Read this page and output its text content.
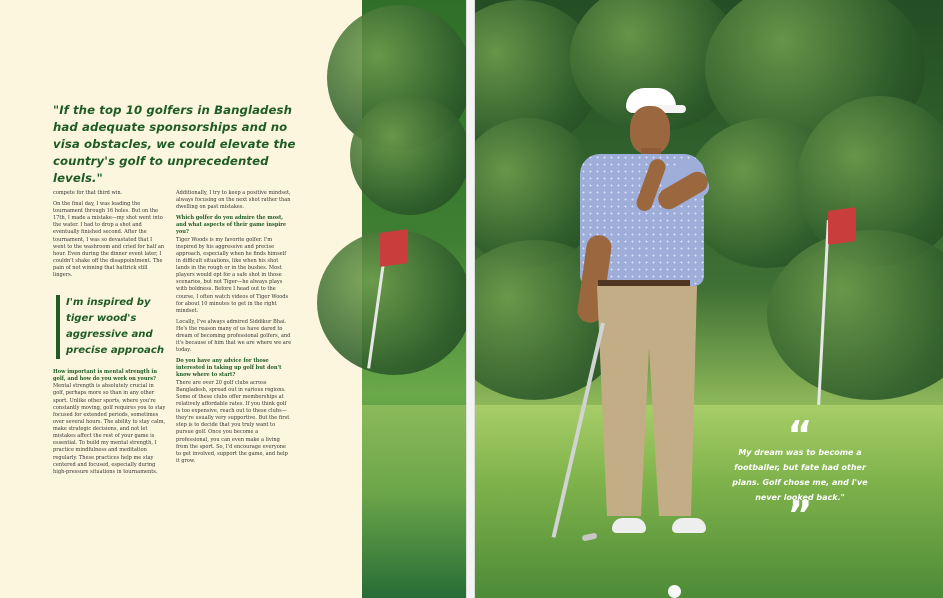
"If the top 10 golfers in Bangladesh had adequate sponsorships and no visa obstacles, we could elevate the country's golf to unprecedented levels."
compete for that third win.
On the final day, I was leading the tournament through 16 holes. But on the 17th, I made a mistake—my shot went into the water. I had to drop a shot and eventually finished second. After the tournament, I was so devastated that I went to the washroom and cried for half an hour. Even during the dinner event later, I couldn't shake off the disappointment. The pain of not winning that hattrick still lingers.
How important is mental strength in golf, and how do you work on yours?
Mental strength is absolutely crucial in golf, perhaps more so than in any other sport. Unlike other sports, where you're constantly moving, golf requires you to stay focused for extended periods, sometimes over several hours. The ability to stay calm, make strategic decisions, and not let mistakes affect the rest of your game is essential. To build my mental strength, I practice mindfulness and meditation regularly. These practices help me stay centered and focused, especially during high-pressure situations in tournaments.
I'm inspired by tiger wood's aggressive and precise approach
Additionally, I try to keep a positive mindset, always focusing on the next shot rather than dwelling on past mistakes.
Which golfer do you admire the most, and what aspects of their game inspire you?
Tiger Woods is my favorite golfer. I'm inspired by his aggressive and precise approach, especially when he finds himself in difficult situations, like when his shot lands in the rough or in the bushes. Most players would opt for a safe shot in those scenarios, but not Tiger—he always plays with boldness. Before I head out to the course, I often watch videos of Tiger Woods for about 10 minutes to get in the right mindset.
Locally, I've always admired Siddikur Bhai. He's the reason many of us have dared to dream of becoming professional golfers, and it's because of him that we are where we are today.
Do you have any advice for those interested in taking up golf but don't know where to start?
There are over 20 golf clubs across Bangladesh, spread out in various regions. Some of these clubs offer memberships at relatively affordable rates. If you think golf is too expensive, reach out to these clubs—they're usually very supportive. But the first step is to decide that you truly want to pursue golf. Once you become a professional, you can even make a living from the sport. So, I'd encourage everyone to get involved, support the game, and help it grow.
“
My dream was to become a footballer, but fate had other plans. Golf chose me, and I've never looked back."
”
